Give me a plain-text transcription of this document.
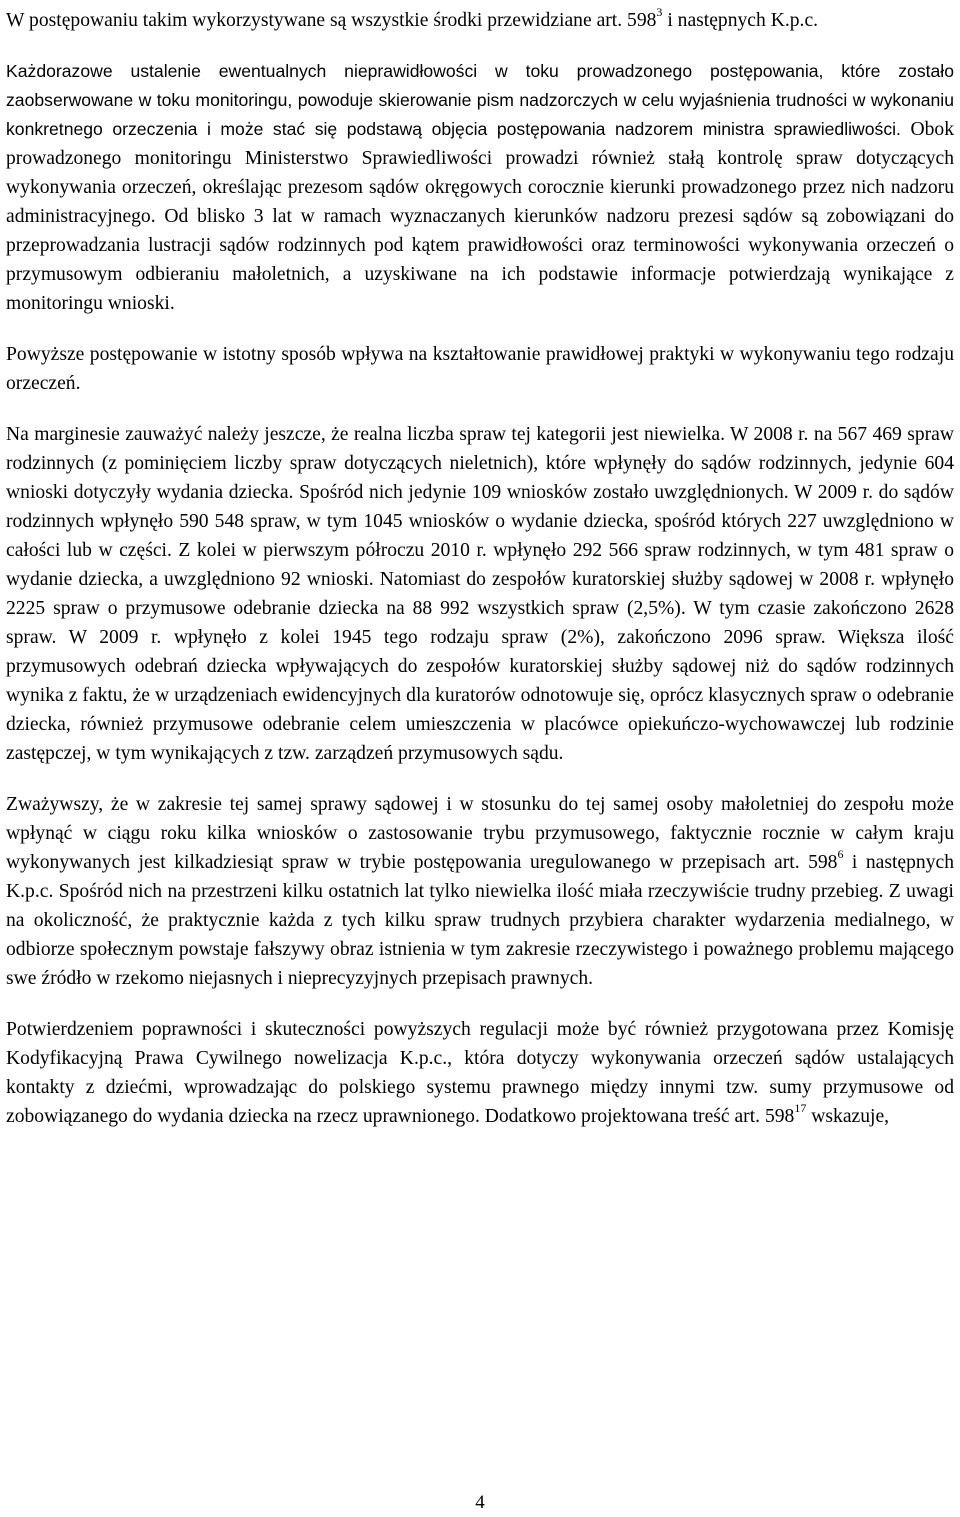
W postępowaniu takim wykorzystywane są wszystkie środki przewidziane art. $598^3$ i następnych K.p.c.

Każdorazowe ustalenie ewentualnych nieprawidłowości w toku prowadzonego postępowania, które zostało zaobserwowane w toku monitoringu, powoduje skierowanie pism nadzorczych w celu wyjaśnienia trudności w wykonaniu konkretnego orzeczenia i może stać się podstawą objęcia postępowania nadzorem ministra sprawiedliwości. Obok prowadzonego monitoringu Ministerstwo Sprawiedliwości prowadzi również stałą kontrolę spraw dotyczących wykonywania orzeczeń, określając prezesom sądów okręgowych corocznie kierunki prowadzonego przez nich nadzoru administracyjnego. Od blisko 3 lat w ramach wyznaczanych kierunków nadzoru prezesi sądów są zobowiązani do przeprowadzania lustracji sądów rodzinnych pod kątem prawidłowości oraz terminowości wykonywania orzeczeń o przymusowym odbieraniu małoletnich, a uzyskiwane na ich podstawie informacje potwierdzają wynikające z monitoringu wnioski.

Powyższe postępowanie w istotny sposób wpływa na kształtowanie prawidłowej praktyki w wykonywaniu tego rodzaju orzeczeń.

Na marginesie zauważyć należy jeszcze, że realna liczba spraw tej kategorii jest niewielka. W 2008 r. na 567 469 spraw rodzinnych (z pominięciem liczby spraw dotyczących nieletnich), które wpłynęły do sądów rodzinnych, jedynie 604 wnioski dotyczyły wydania dziecka. Spośród nich jedynie 109 wniosków zostało uwzględnionych. W 2009 r. do sądów rodzinnych wpłynęło 590 548 spraw, w tym 1045 wniosków o wydanie dziecka, spośród których 227 uwzględniono w całości lub w części. Z kolei w pierwszym półroczu 2010 r. wpłynęło 292 566 spraw rodzinnych, w tym 481 spraw o wydanie dziecka, a uwzględniono 92 wnioski. Natomiast do zespołów kuratorskiej służby sądowej w 2008 r. wpłynęło 2225 spraw o przymusowe odebranie dziecka na 88 992 wszystkich spraw (2,5%). W tym czasie zakończono 2628 spraw. W 2009 r. wpłynęło z kolei 1945 tego rodzaju spraw (2%), zakończono 2096 spraw. Większa ilość przymusowych odebrań dziecka wpływających do zespołów kuratorskiej służby sądowej niż do sądów rodzinnych wynika z faktu, że w urządzeniach ewidencyjnych dla kuratorów odnotowuje się, oprócz klasycznych spraw o odebranie dziecka, również przymusowe odebranie celem umieszczenia w placówce opiekuńczo-wychowawczej lub rodzinie zastępczej, w tym wynikających z tzw. zarządzeń przymusowych sądu.

Zważywszy, że w zakresie tej samej sprawy sądowej i w stosunku do tej samej osoby małoletniej do zespołu może wpłynąć w ciągu roku kilka wniosków o zastosowanie trybu przymusowego, faktycznie rocznie w całym kraju wykonywanych jest kilkadziesiąt spraw w trybie postępowania uregulowanego w przepisach art. $598^6$ i następnych K.p.c. Spośród nich na przestrzeni kilku ostatnich lat tylko niewielka ilość miała rzeczywiście trudny przebieg. Z uwagi na okoliczność, że praktycznie każda z tych kilku spraw trudnych przybiera charakter wydarzenia medialnego, w odbiorze społecznym powstaje fałszywy obraz istnienia w tym zakresie rzeczywistego i poważnego problemu mającego swe źródło w rzekomo niejasnych i nieprecyzyjnych przepisach prawnych.

Potwierdzeniem poprawności i skuteczności powyższych regulacji może być również przygotowana przez Komisję Kodyfikacyjną Prawa Cywilnego nowelizacja K.p.c., która dotyczy wykonywania orzeczeń sądów ustalających kontakty z dziećmi, wprowadzając do polskiego systemu prawnego między innymi tzw. sumy przymusowe od zobowiązanego do wydania dziecka na rzecz uprawnionego. Dodatkowo projektowana treść art. $598^{17}$ wskazuje,

4
